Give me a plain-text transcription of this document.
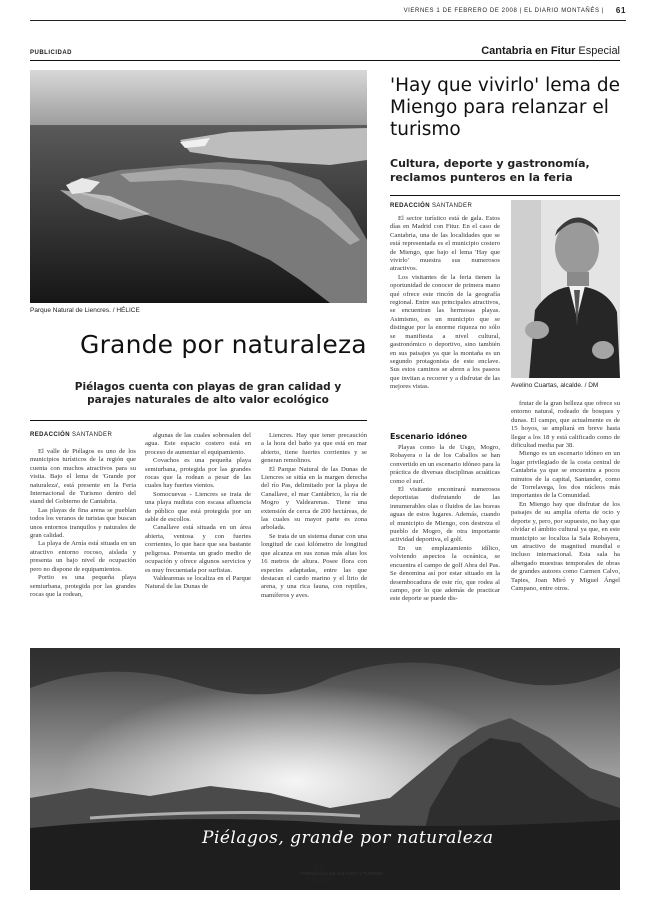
VIERNES 1 DE FEBRERO DE 2008 | EL DIARIO MONTAÑÉS | 61
PUBLICIDAD	Cantabria en Fitur Especial
Parque Natural de Liencres. / HÉLICE
Grande por naturaleza
Piélagos cuenta con playas de gran calidad y parajes naturales de alto valor ecológico
REDACCIÓN SANTANDER

El valle de Piélagos es uno de los municipios turísticos de la región que cuenta con muchos atractivos para su visita. Bajo el lema de 'Grande por naturaleza', está presente en la Feria Internacional de Turismo dentro del stand del Gobierno de Cantabria.

Las playas de fina arena se pueblan todos los veranos de turistas que buscan unos entornos tranquilos y naturales de gran calidad.

La playa de Arnía está situada en un atractivo entorno rocoso, aislada y presenta un bajo nivel de ocupación pero no dispone de equipamientos.

Portio es una pequeña playa semiurbana, protegida por las grandes rocas que la rodean,

algunas de las cuales sobresalen del agua. Este espacio costero está en proceso de aumentar el equipamiento.

Covachos es una pequeña playa semiurbana, protegida por las grandes rocas que la rodean a pesar de las cuales hay fuertes vientos.

Somocuevas - Liencres se trata de una playa nudista con escasa afluencia de público que está protegida por un sable de escollos.

Canallave está situada en un área abierta, ventosa y con fuertes corrientes, lo que hace que sea bastante peligrosa. Presenta un grado medio de ocupación y ofrece algunos servicios y es muy frecuentada por surfistas.

Valdearenas se localiza en el Parque Natural de las Dunas de

Liencres. Hay que tener precaución a la hora del baño ya que está en mar abierto, tiene fuertes corrientes y se generan remolinos.

El Parque Natural de las Dunas de Liencres se sitúa en la margen derecha del río Pas, delimitado por la playa de Canallave, el mar Cantábrico, la ría de Mogro y Valdearenas. Tiene una extensión de cerca de 200 hectáreas, de las cuales su mayor parte es zona arbolada.

Se trata de un sistema dunar con una longitud de casi kilómetro de longitud que alcanza en sus zonas más altas los 16 metros de altura. Posee flora con especies adaptadas, entre las que destacan el cardo marino y el lirio de arena, y una rica fauna, con reptiles, mamíferos y aves.

'Hay que vivirlo' lema de Miengo para relanzar el turismo
Cultura, deporte y gastronomía, reclamos punteros en la feria
REDACCIÓN SANTANDER

El sector turístico está de gala. Estos días en Madrid con Fitur. En el caso de Cantabria, una de las localidades que se está representada es el municipio costero de Miengo, que bajo el lema 'Hay que vivirlo' muestra sus numerosos atractivos.

Los visitantes de la feria tienen la oportunidad de conocer de primera mano qué ofrece este rincón de la geografía regional. Entre sus principales atractivos, se encuentran las hermosas playas. Asimismo, es un municipio que se distingue por la enorme riqueza no sólo se manifiesta a nivel cultural, gastronómico o deportivo, sino también en sus paisajes ya que la montaña es un segundo protagonista de este enclave. Sus estos caminos se abren a los paseos que invitan a recorrer y a disfrutar de las mejores vistas.

Escenario idóneo

Playas como la de Usgo, Mogro, Robayera o la de los Caballos se han convertido en un escenario idóneo para la práctica de diversas disciplinas acuáticas como el surf.

El visitante encontrará numerosos deportistas disfrutando de las innumerables olas o fluidos de las bravas aguas de estos lugares. Además, cuando el municipio de Miengo, con destreza el pueblo de Mogro, de otra importante actividad deportiva, el golf.

En un emplazamiento idílico, volviendo aspectos la oceánica, se encuentra el campo de golf Abra del Pas. Se denomina así por estar situado en la desembocadura de este río, que rodea al campo, por lo que además de practicar este deporte se puede dis-

Avelino Cuartas, alcalde. / DM

frutar de la gran belleza que ofrece su entorno natural, rodeado de bosques y dunas. El campo, que actualmente es de 15 hoyos, se ampliará en breve hasta llegar a los 18 y está calificado como de dificultad media par 38.

Miengo es un escenario idóneo en un lugar privilegiado de la costa central de Cantabria ya que se encuentra a pocos minutos de la capital, Santander, como de Torrelavega, los dos núcleos más importantes de la Comunidad.

En Miengo hay que disfrutar de los paisajes de su amplia oferta de ocio y deporte y, pero, por supuesto, no hay que olvidar el ámbito cultural ya que, en este municipio se localiza la Sala Robayera, un atractivo de magnitud mundial e incluso internacional. Esta sala ha albergado muestras temporales de obras de grandes autores como Carmen Calvo, Tapies, Joan Miró y Miguel Ángel Campano, entre otros.

Piélagos, grande por naturaleza
CONCEJALÍA DE CULTURA Y TURISMO
PIÉLAGOS
